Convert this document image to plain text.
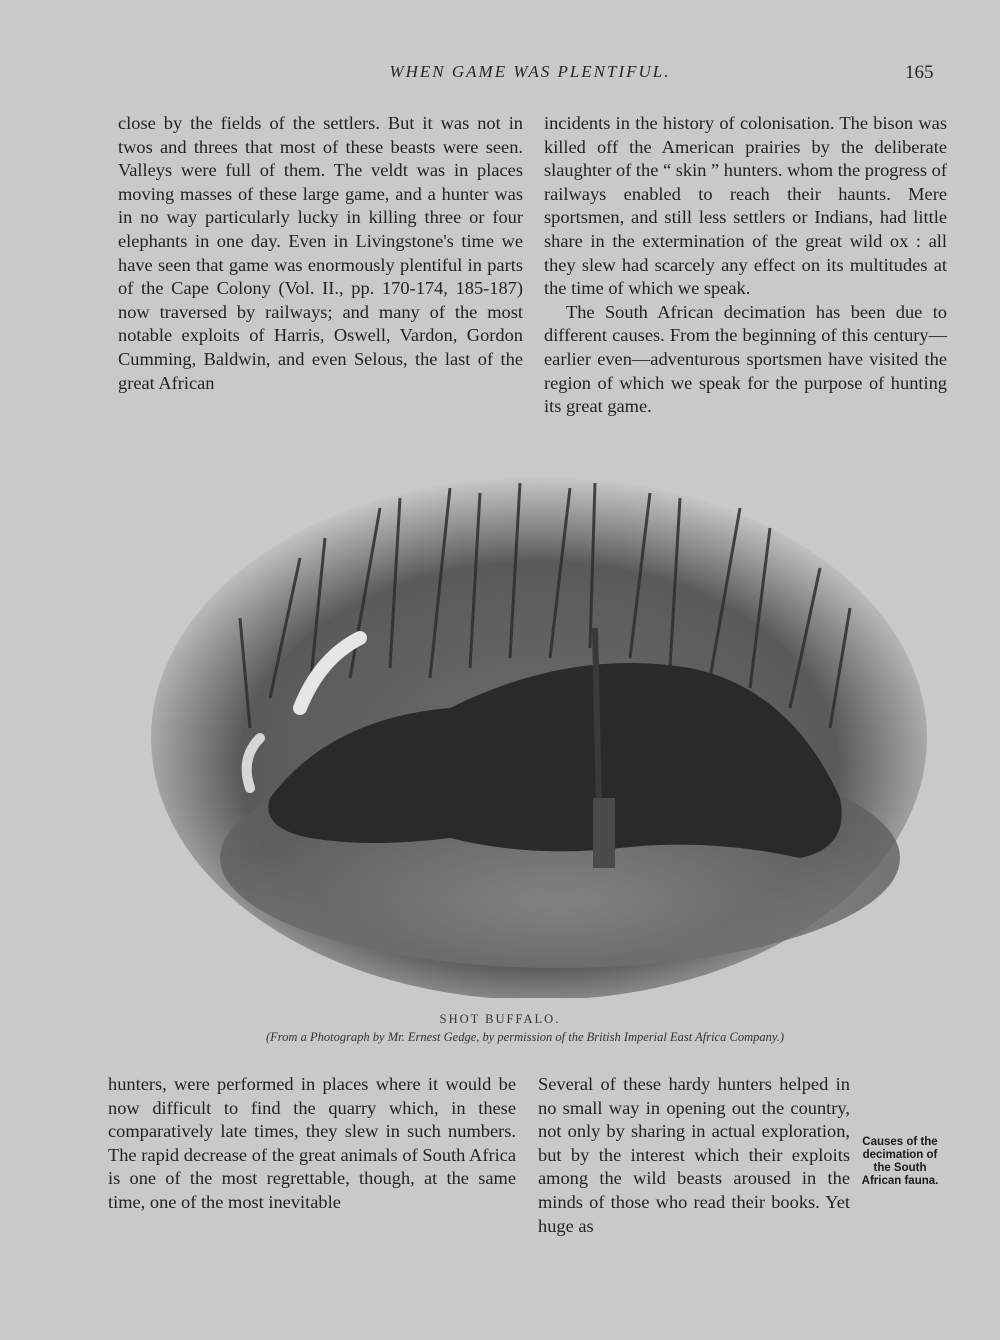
WHEN GAME WAS PLENTIFUL.	165

close by the fields of the settlers. But it was not in twos and threes that most of these beasts were seen. Valleys were full of them. The veldt was in places moving masses of these large game, and a hunter was in no way particularly lucky in killing three or four elephants in one day. Even in Livingstone's time we have seen that game was enormously plentiful in parts of the Cape Colony (Vol. II., pp. 170-174, 185-187) now traversed by railways; and many of the most notable exploits of Harris, Oswell, Vardon, Gordon Cumming, Baldwin, and even Selous, the last of the great African

incidents in the history of colonisation. The bison was killed off the American prairies by the deliberate slaughter of the “ skin ” hunters. whom the progress of railways enabled to reach their haunts. Mere sportsmen, and still less settlers or Indians, had little share in the extermination of the great wild ox : all they slew had scarcely any effect on its multitudes at the time of which we speak.

The South African decimation has been due to different causes. From the beginning of this century—earlier even—adventurous sportsmen have visited the region of which we speak for the purpose of hunting its great game.

SHOT BUFFALO.
(From a Photograph by Mr. Ernest Gedge, by permission of the British Imperial East Africa Company.)

hunters, were performed in places where it would be now difficult to find the quarry which, in these comparatively late times, they slew in such numbers. The rapid decrease of the great animals of South Africa is one of the most regrettable, though, at the same time, one of the most inevitable

Several of these hardy hunters helped in no small way in opening out the country, not only by sharing in actual exploration, but by the interest which their exploits among the wild beasts aroused in the minds of those who read their books. Yet huge as

Causes of the decimation of the South African fauna.
